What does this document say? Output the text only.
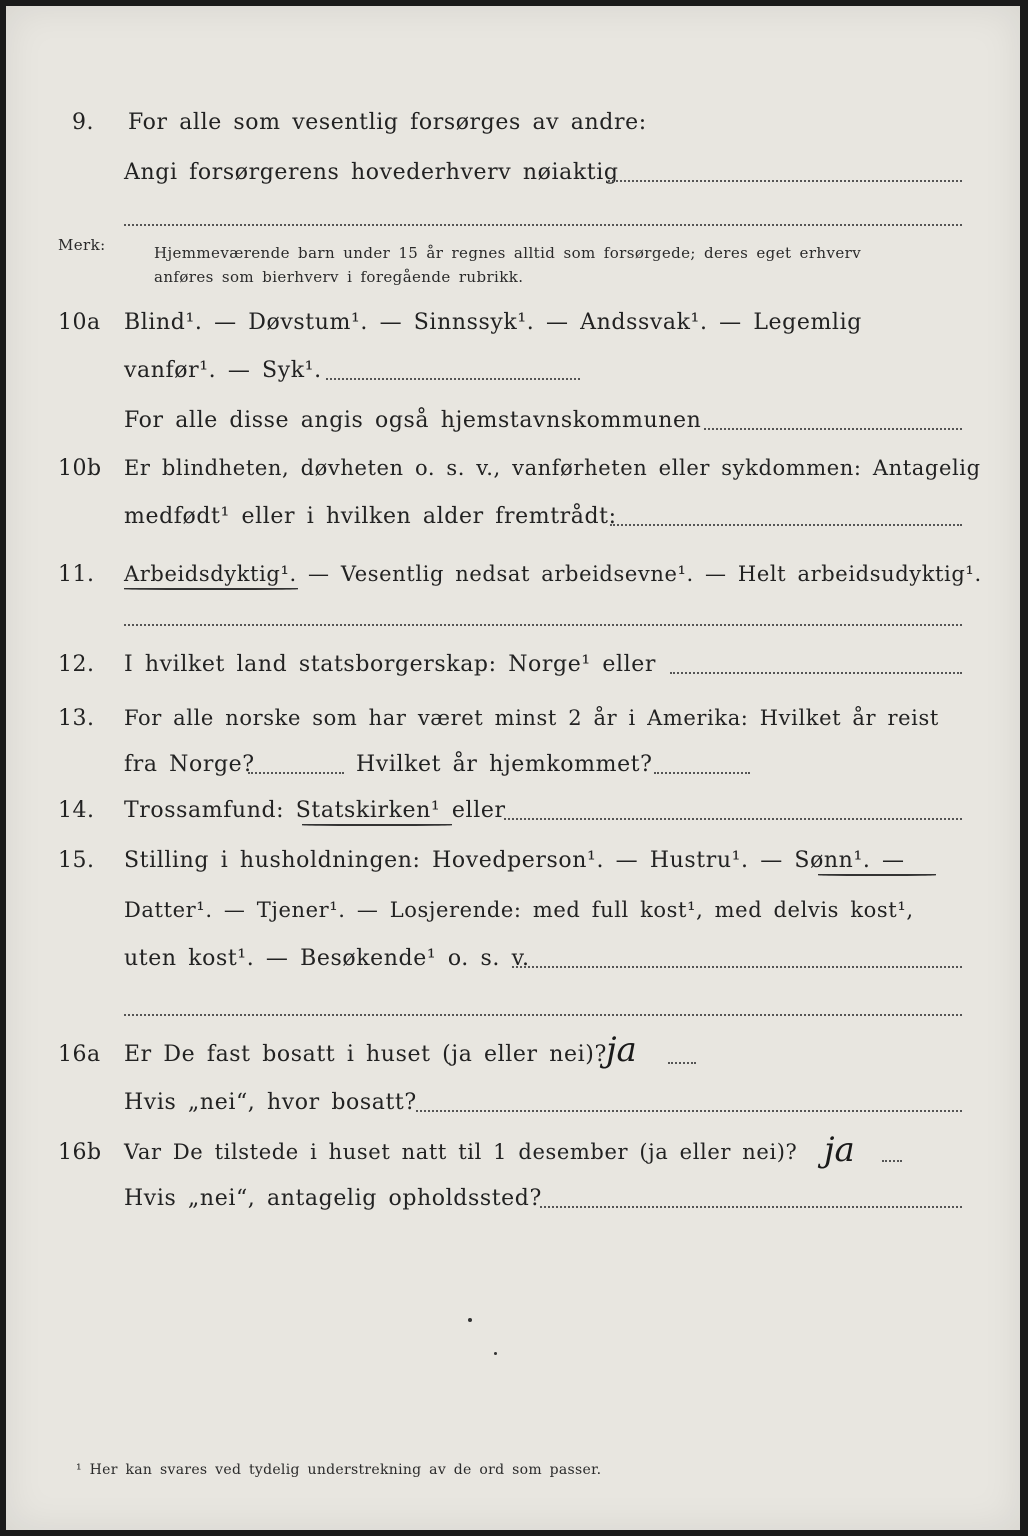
9. For alle som vesentlig forsørges av andre:
Angi forsørgerens hovederhverv nøiaktig
Merk:	Hjemmeværende barn under 15 år regnes alltid som forsørgede; deres eget erhverv
anføres som bierhverv i foregående rubrikk.
10a Blind¹. — Døvstum¹. — Sinnssyk¹. — Andssvak¹. — Legemlig
vanfør¹. — Syk¹.
For alle disse angis også hjemstavnskommunen
10b Er blindheten, døvheten o. s. v., vanførheten eller sykdommen: Antagelig
medfødt¹ eller i hvilken alder fremtrådt:
11. Arbeidsdyktig¹. — Vesentlig nedsat arbeidsevne¹. — Helt arbeidsudyktig¹.
12. I hvilket land statsborgerskap: Norge¹ eller
13. For alle norske som har været minst 2 år i Amerika: Hvilket år reist
fra Norge?	Hvilket år hjemkommet?
14. Trossamfund: Statskirken¹ eller
15. Stilling i husholdningen: Hovedperson¹. — Hustru¹. — Sønn¹. —
Datter¹. — Tjener¹. — Losjerende: med full kost¹, med delvis kost¹,
uten kost¹. — Besøkende¹ o. s. v.
16a Er De fast bosatt i huset (ja eller nei)? ja
Hvis „nei“, hvor bosatt?
16b Var De tilstede i huset natt til 1 desember (ja eller nei)? ja
Hvis „nei“, antagelig opholdssted?
¹ Her kan svares ved tydelig understrekning av de ord som passer.
